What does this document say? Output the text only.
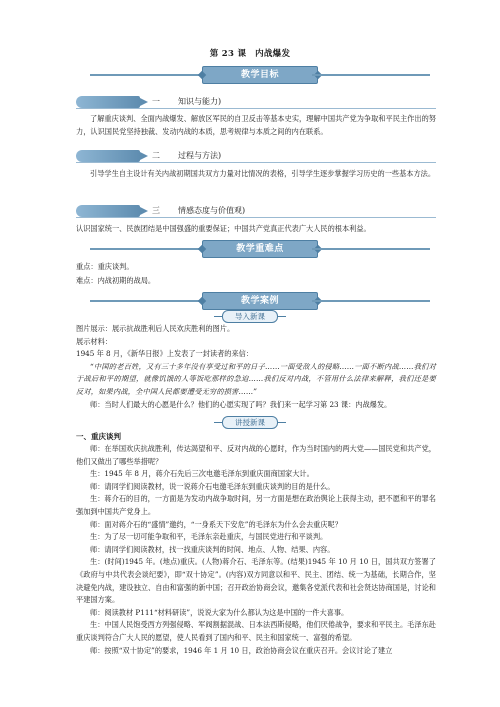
第 23 课　内战爆发
教学目标
一 知识与能力)

了解重庆谈判、全面内战爆发、解放区军民的自卫反击等基本史实，理解中国共产党为争取和平民主作出的努力，认识国民党坚持独裁、发动内战的本质，思考规律与本质之间的内在联系。

二 过程与方法)

引导学生自主设计有关内战初期国共双方力量对比情况的表格，引导学生逐步掌握学习历史的一些基本方法。

三 情感态度与价值观)

认识国家统一、民族团结是中国强盛的重要保证；中国共产党真正代表广大人民的根本利益。

教学重难点

重点：重庆谈判。

难点：内战初期的战局。

教学案例
导入新课
图片展示：展示抗战胜利后人民欢庆胜利的图片。
展示材料：
1945 年 8 月，《新华日报》上发表了一封读者的来信：
“中国的老百姓，又有三十多年没有享受过和平的日子……一面受敌人的侵略……一面不断内战……我们对于战后和平的期望，就像饥饿的人等饭吃那样的急迫……我们反对内战，不管用什么法律来解释，我们还是要反对，如果内战，全中国人民都要遭受无穷的损害……”
师：当时人们最大的心愿是什么？他们的心愿实现了吗？我们来一起学习第 23 课：内战爆发。
讲授新课
一、重庆谈判
师：在举国欢庆抗战胜利，传达渴望和平、反对内战的心愿时，作为当时国内的两大党——国民党和共产党，他们又做出了哪些举措呢？
生：1945 年 8 月，蒋介石先后三次电邀毛泽东到重庆面商国家大计。
师：请同学们阅读教材，说一说蒋介石电邀毛泽东到重庆谈判的目的是什么。
生：蒋介石的目的，一方面是为发动内战争取时间，另一方面是想在政治舆论上获得主动，把不愿和平的罪名强加到中国共产党身上。
师：面对蒋介石的“盛情”邀约，“一身系天下安危”的毛泽东为什么会去重庆呢？
生：为了尽一切可能争取和平，毛泽东亲赴重庆，与国民党进行和平谈判。
师：请同学们阅读教材，找一找重庆谈判的时间、地点、人物、结果、内容。
生：(时间)1945 年。(地点)重庆。(人物)蒋介石、毛泽东等。(结果)1945 年 10 月 10 日，国共双方签署了《政府与中共代表会谈纪要》，即“双十协定”。(内容)双方同意以和平、民主、团结、统一为基础，长期合作，坚决避免内战，建设独立、自由和富强的新中国；召开政治协商会议，邀集各党派代表和社会贤达协商国是，讨论和平建国方案。
师：阅读教材 P111“材料研读”，说说大家为什么都认为这是中国的一件大喜事。
生：中国人民饱受西方列强侵略、军阀割据混战、日本法西斯侵略，他们厌倦战争，要求和平民主。毛泽东赴重庆谈判符合广大人民的愿望，使人民看到了国内和平、民主和国家统一、富强的希望。
师：按照“双十协定”的要求，1946 年 1 月 10 日，政治协商会议在重庆召开。会议讨论了建立
